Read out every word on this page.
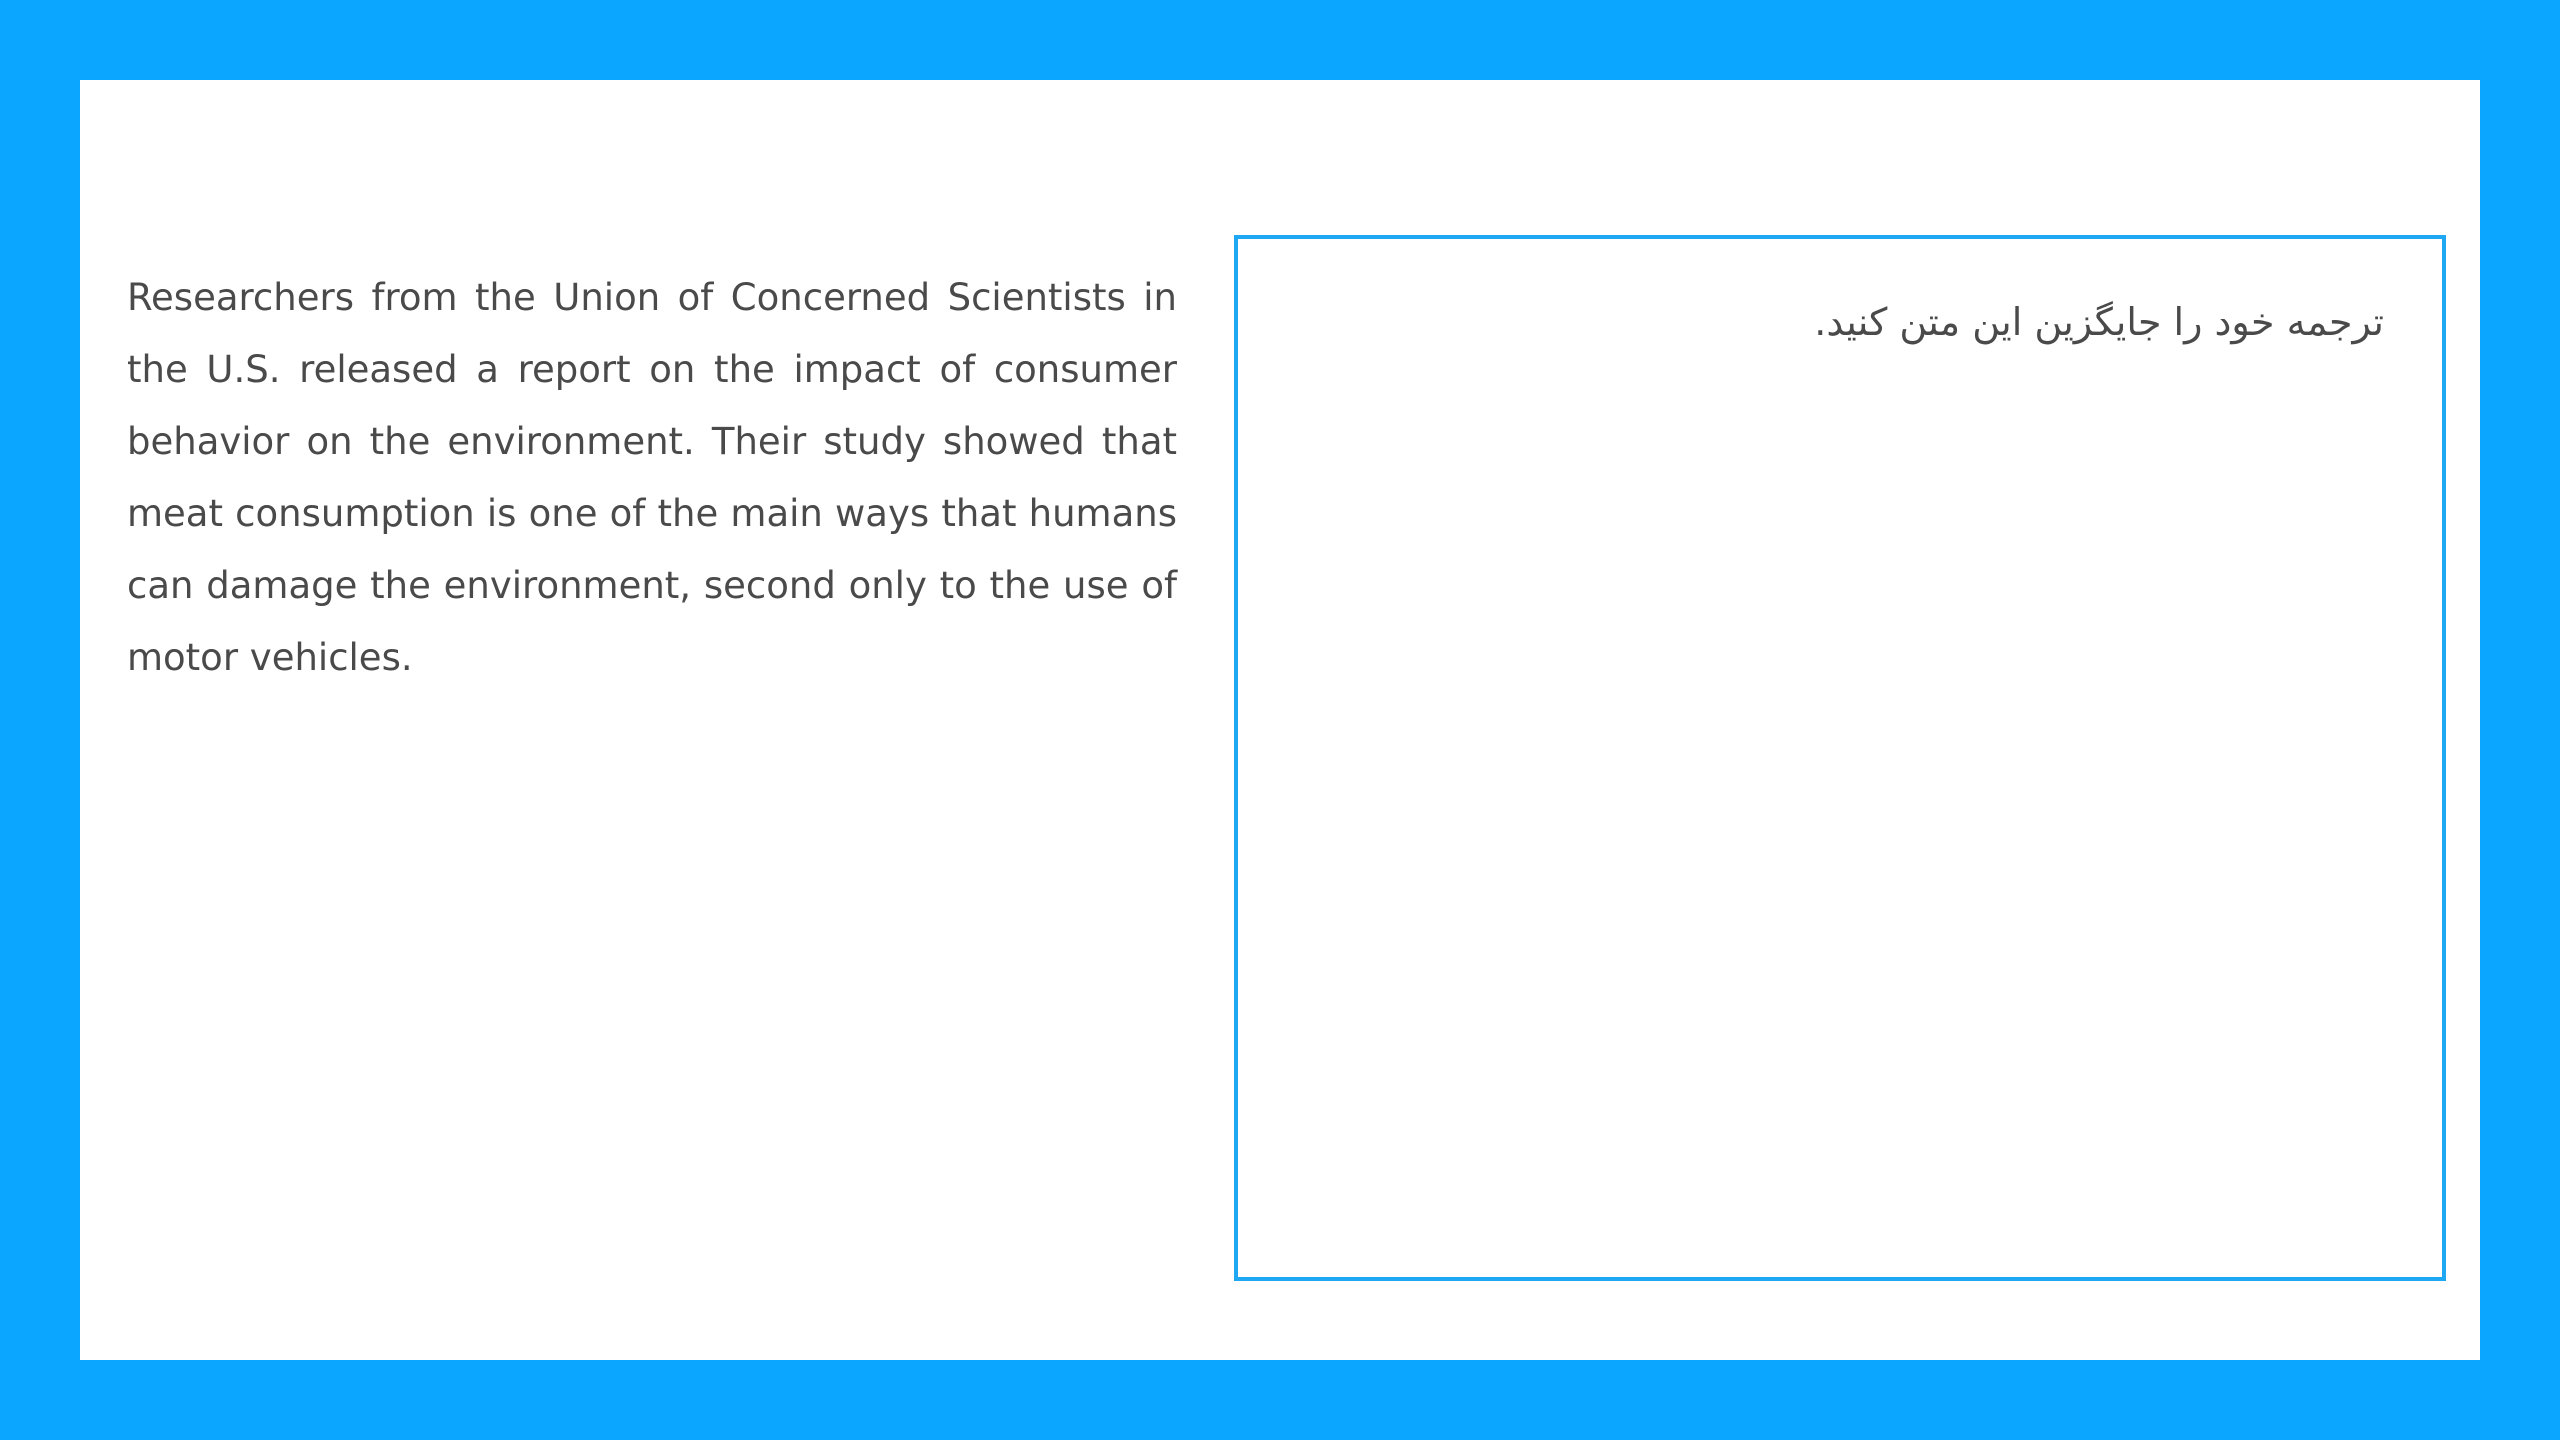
Researchers from the Union of Concerned Scientists in the U.S. released a report on the impact of consumer behavior on the environment. Their study showed that meat consumption is one of the main ways that humans can damage the environment, second only to the use of motor vehicles.

ترجمه خود را جایگزین این متن کنید.
